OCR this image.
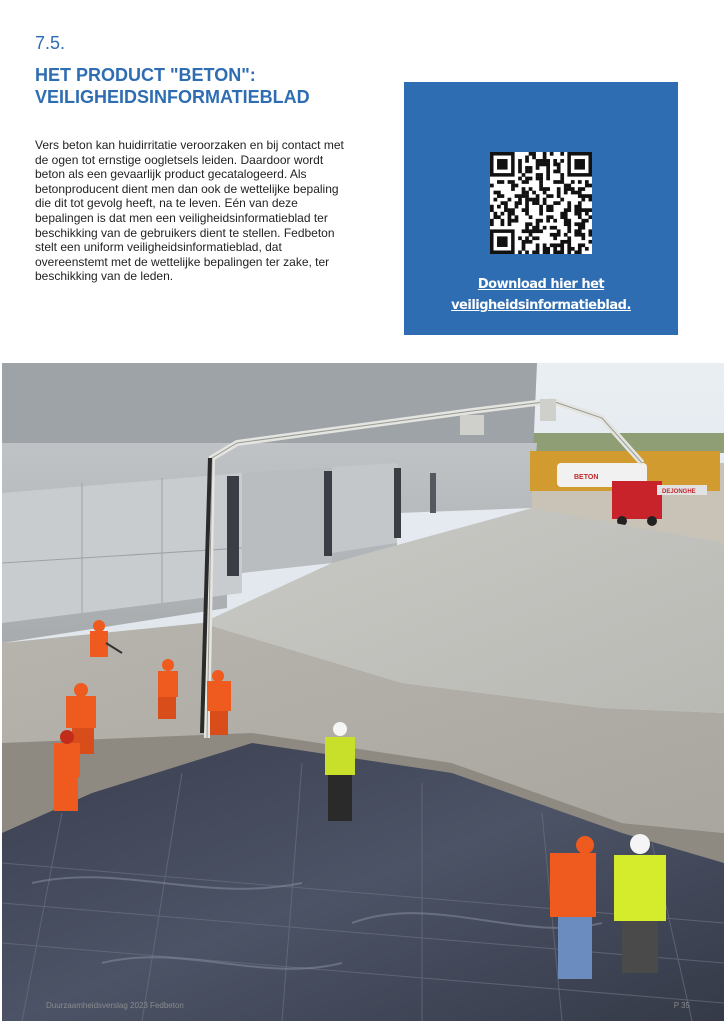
7.5.
HET PRODUCT "BETON":
VEILIGHEIDSINFORMATIEBLAD
Vers beton kan huidirritatie veroorzaken en bij contact met de ogen tot ernstige oogletsels leiden. Daardoor wordt beton als een gevaarlijk product gecatalogeerd. Als betonproducent dient men dan ook de wettelijke bepaling die dit tot gevolg heeft, na te leven. Eén van deze bepalingen is dat men een veiligheidsinformatieblad ter beschikking van de gebruikers dient te stellen. Fedbeton stelt een uniform veiligheidsinformatieblad, dat overeenstemt met de wettelijke bepalingen ter zake, ter beschikking van de leden.
Download hier het
veiligheidsinformatieblad.
BETON
DEJONGHE
Duurzaamheidsverslag 2023 Fedbeton	P 35
